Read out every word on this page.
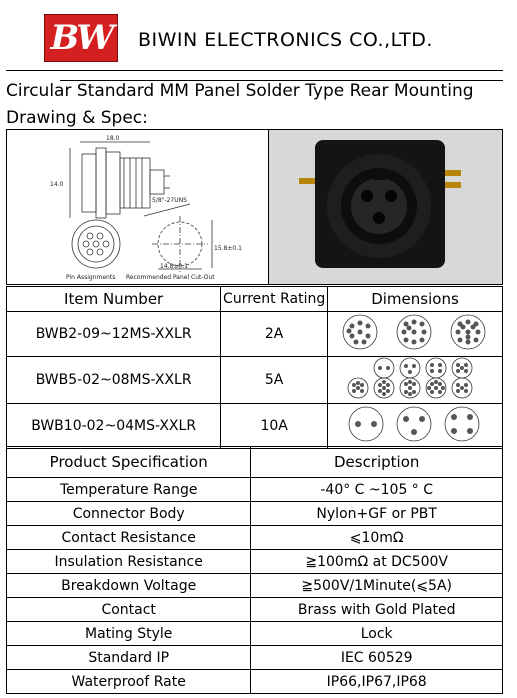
BW BIWIN ELECTRONICS CO.,LTD.
Circular Standard MM Panel Solder Type Rear Mounting
Drawing & Spec:
18.0
14.0
5/8"-27UNS
15.8±0.1
14.8±0.1
Pin Assignments Recommended Panel Cut-Out
Item Number	Current Rating	Dimensions
BWB2-09~12MS-XXLR	2A	
BWB5-02~08MS-XXLR	5A	
BWB10-02~04MS-XXLR	10A	
Product Specification	Description
Temperature Range	-40° C ~105 ° C
Connector Body	Nylon+GF or PBT
Contact Resistance	⩽10mΩ
Insulation Resistance	≧100mΩ at DC500V
Breakdown Voltage	≧500V/1Minute(⩽5A)
Contact	Brass with Gold Plated
Mating Style	Lock
Standard IP	IEC 60529
Waterproof Rate	IP66,IP67,IP68
